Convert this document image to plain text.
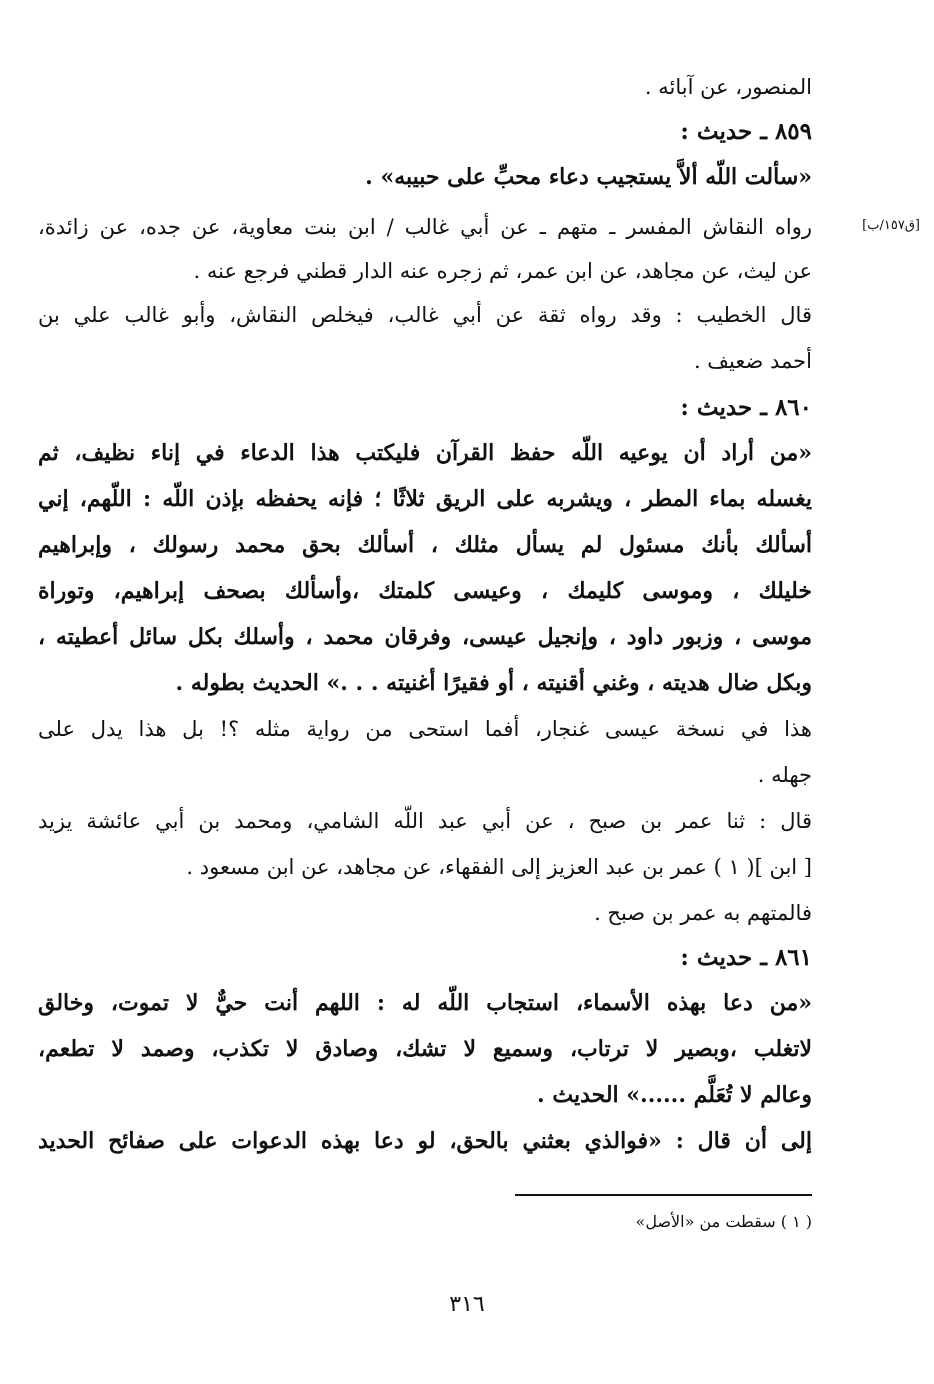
المنصور، عن آبائه .
٨٥٩ ـ حديث :
«سألت اللّه ألاَّ يستجيب دعاء محبِّ على حبيبه» .
[ق١٥٧/ب]
رواه النقاش المفسر ـ متهم ـ عن أبي غالب / ابن بنت معاوية، عن جده، عن زائدة،
عن ليث، عن مجاهد، عن ابن عمر، ثم زجره عنه الدار قطني فرجع عنه .
قال الخطيب : وقد رواه ثقة عن أبي غالب، فيخلص النقاش، وأبو غالب علي بن
أحمد ضعيف .
٨٦٠ ـ حديث :
«من أراد أن يوعيه اللّه حفظ القرآن فليكتب هذا الدعاء في إناء نظيف، ثم
يغسله بماء المطر ، ويشربه على الريق ثلاثًا ؛ فإنه يحفظه بإذن اللّه : اللّهم، إني
أسألك بأنك مسئول لم يسأل مثلك ، أسألك بحق محمد رسولك ، وإبراهيم
خليلك ، وموسى كليمك ، وعيسى كلمتك ،وأسألك بصحف إبراهيم، وتوراة
موسى ، وزبور داود ، وإنجيل عيسى، وفرقان محمد ، وأسلك بكل سائل أعطيته ،
وبكل ضال هديته ، وغني أقنيته ، أو فقيرًا أغنيته . . .» الحديث بطوله .
هذا في نسخة عيسى غنجار، أفما استحى من رواية مثله ؟! بل هذا يدل على
جهله .
قال : ثنا عمر بن صبح ، عن أبي عبد اللّه الشامي، ومحمد بن أبي عائشة يزيد
[ ابن ]( ١ ) عمر بن عبد العزيز إلى الفقهاء، عن مجاهد، عن ابن مسعود .
فالمتهم به عمر بن صبح .
٨٦١ ـ حديث :
«من دعا بهذه الأسماء، استجاب اللّه له : اللهم أنت حيٌّ لا تموت، وخالق
لاتغلب ،وبصير لا ترتاب، وسميع لا تشك، وصادق لا تكذب، وصمد لا تطعم،
وعالم لا تُعَلَّم ......» الحديث .
إلى أن قال : «فوالذي بعثني بالحق، لو دعا بهذه الدعوات على صفائح الحديد
( ١ ) سقطت من «الأصل»
٣١٦
